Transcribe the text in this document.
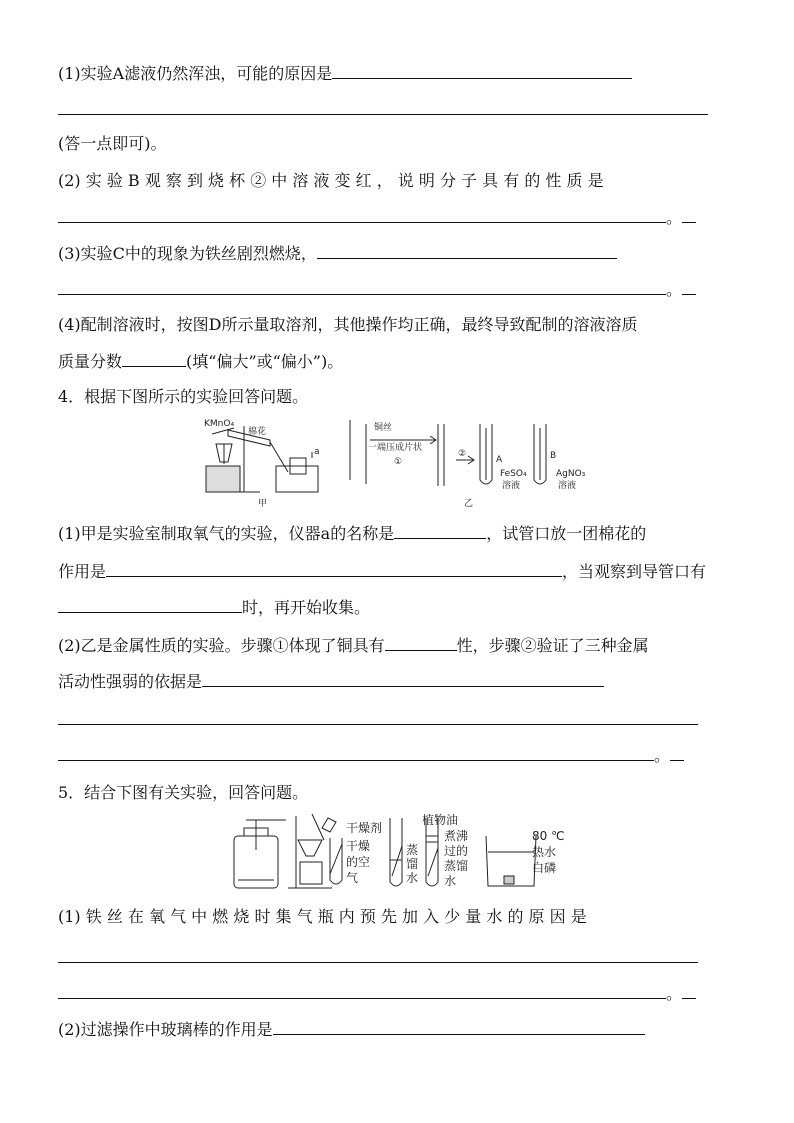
(1)实验A滤液仍然浑浊，可能的原因是
(答一点即可)。
(2) 实 验 B 观 察 到 烧 杯 ② 中 溶 液 变 红 ， 说 明 分 子 具 有 的 性 质 是
。
(3)实验C中的现象为铁丝剧烈燃烧，
。
(4)配制溶液时，按图D所示量取溶剂，其他操作均正确，最终导致配制的溶液溶质
质量分数	(填“偏大”或“偏小”)。
4．根据下图所示的实验回答问题。
KMnO₄
棉花
a
甲
铜丝
一端压成片状
①
②
A
FeSO₄
溶液
B
AgNO₃
溶液
乙
(1)甲是实验室制取氧气的实验，仪器a的名称是	，试管口放一团棉花的
作用是	，当观察到导管口有
时，再开始收集。
(2)乙是金属性质的实验。步骤①体现了铜具有	性，步骤②验证了三种金属
活动性强弱的依据是
。
5．结合下图有关实验，回答问题。
干燥剂
干燥
的空
气
蒸
馏
水
植物油
煮沸
过的
蒸馏
水
80 ℃
热水
白磷
(1) 铁 丝 在 氧 气 中 燃 烧 时 集 气 瓶 内 预 先 加 入 少 量 水 的 原 因 是
。
(2)过滤操作中玻璃棒的作用是
